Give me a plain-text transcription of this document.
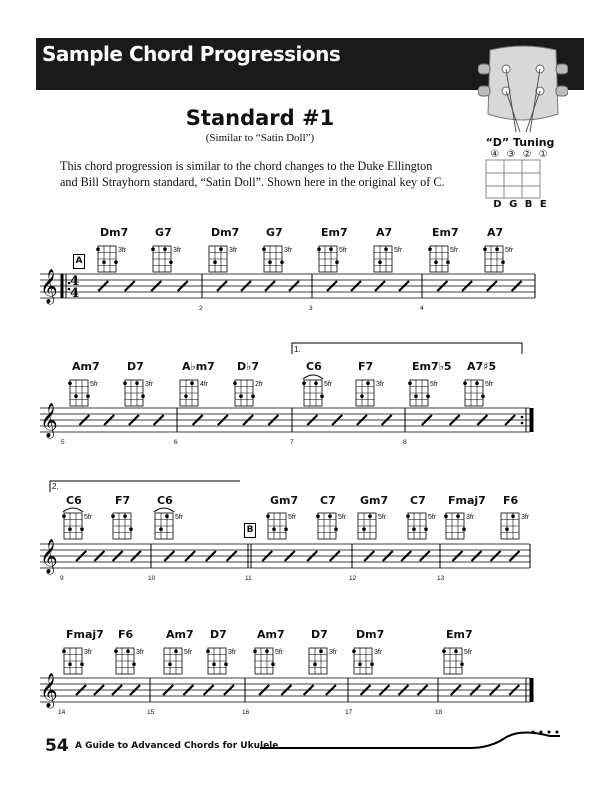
Sample Chord Progressions
“D” Tuning
④ ③ ② ①
D G B E
Standard #1
(Similar to “Satin Doll”)
This chord progression is similar to the chord changes to the Duke Ellington and Bill Strayhorn standard, “Satin Doll”. Shown here in the original key of C.
𝄞
𝄞
𝄞
𝄞
4
4
2	3	4
Dm7
3fr
G7
3fr
Dm7
3fr
G7
3fr
Em7
5fr
A7
5fr
Em7
5fr
A7
5fr
5	6	7	8
Am7
5fr
D7
3fr
A♭m7
4fr
D♭7
2fr
C6
5fr
F7
3fr
Em7♭5
5fr
A7♯5
5fr
9	10	11	12	13
C6
5fr
F7 C6
5fr
Gm7
5fr
C7
5fr
Gm7
5fr
C7
5fr
Fmaj7
3fr
F6
3fr
14	15	16	17	18
Fmaj7
3fr
F6
3fr
Am7
5fr
D7
3fr
Am7
5fr
D7
3fr
Dm7
3fr
Em7
5fr
A
B
1.
2.
54 A Guide to Advanced Chords for Ukulele
